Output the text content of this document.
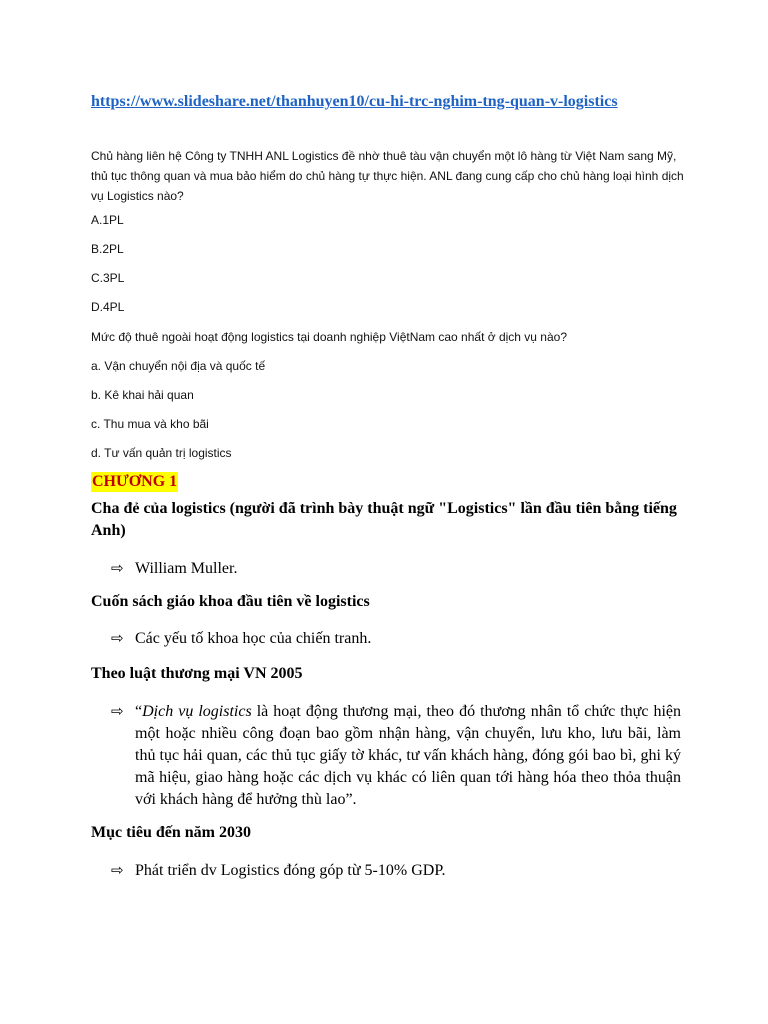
https://www.slideshare.net/thanhuyen10/cu-hi-trc-nghim-tng-quan-v-logistics
Chủ hàng liên hệ Công ty TNHH ANL Logistics đề nhờ thuê tàu vận chuyển một lô hàng từ Việt Nam sang Mỹ, thủ tục thông quan và mua bảo hiểm do chủ hàng tự thực hiện. ANL đang cung cấp cho chủ hàng loại hình dịch vụ Logistics nào?
A.1PL
B.2PL
C.3PL
D.4PL
Mức độ thuê ngoài hoạt động logistics tại doanh nghiệp ViệtNam cao nhất ở dịch vụ nào?
a. Vận chuyển nội địa và quốc tế
b. Kê khai hải quan
c. Thu mua và kho bãi
d. Tư vấn quản trị logistics
CHƯƠNG 1
Cha đẻ của logistics (người đã trình bày thuật ngữ "Logistics" lần đầu tiên bằng tiếng Anh)
⇨ William Muller.
Cuốn sách giáo khoa đầu tiên về logistics
⇨ Các yếu tố khoa học của chiến tranh.
Theo luật thương mại VN 2005
⇨ “Dịch vụ logistics là hoạt động thương mại, theo đó thương nhân tổ chức thực hiện một hoặc nhiều công đoạn bao gồm nhận hàng, vận chuyển, lưu kho, lưu bãi, làm thủ tục hải quan, các thủ tục giấy tờ khác, tư vấn khách hàng, đóng gói bao bì, ghi ký mã hiệu, giao hàng hoặc các dịch vụ khác có liên quan tới hàng hóa theo thỏa thuận với khách hàng để hưởng thù lao”.
Mục tiêu đến năm 2030
⇨ Phát triển dv Logistics đóng góp từ 5-10% GDP.
